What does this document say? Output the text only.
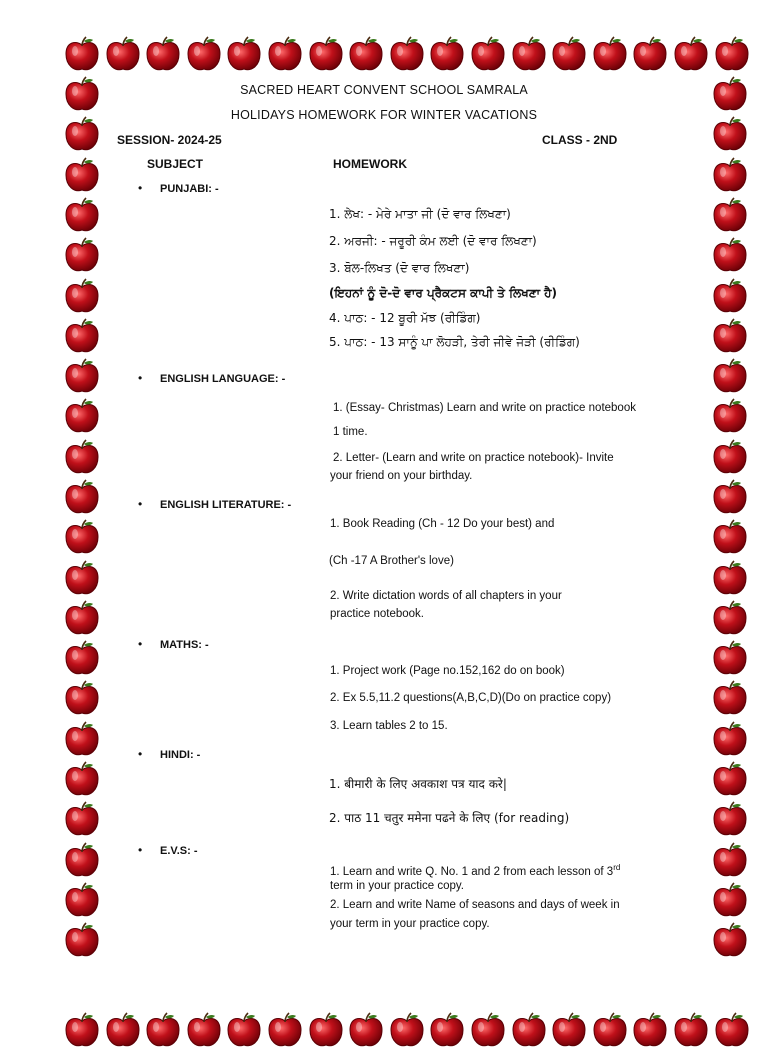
SACRED HEART CONVENT SCHOOL SAMRALA
HOLIDAYS HOMEWORK FOR WINTER VACATIONS
SESSION- 2024-25	CLASS - 2ND
SUBJECT	HOMEWORK
• PUNJABI: -
1. ਲੇਖ: - ਮੇਰੇ ਮਾਤਾ ਜੀ (ਦੋ ਵਾਰ ਲਿਖਣਾ)
2. ਅਰਜੀ: - ਜਰੂਰੀ ਕੰਮ ਲਈ (ਦੋ ਵਾਰ ਲਿਖਣਾ)
3. ਬੋਲ-ਲਿਖਤ (ਦੋ ਵਾਰ ਲਿਖਣਾ)
(ਇਹਨਾਂ ਨੂੰ ਦੋ-ਦੋ ਵਾਰ ਪ੍ਰੈਕਟਸ ਕਾਪੀ ਤੇ ਲਿਖਣਾ ਹੈ)
4. ਪਾਠ: - 12 ਬੂਰੀ ਮੱਝ (ਰੀਡਿੰਗ)
5. ਪਾਠ: - 13 ਸਾਨੂੰ ਪਾ ਲੋਹੜੀ, ਤੇਰੀ ਜੀਵੇ ਜੋੜੀ (ਰੀਡਿੰਗ)
• ENGLISH LANGUAGE: -
1. (Essay- Christmas) Learn and write on practice notebook
1 time.
2. Letter- (Learn and write on practice notebook)- Invite
your friend on your birthday.
• ENGLISH LITERATURE: -
1. Book Reading (Ch - 12 Do your best) and
(Ch -17 A Brother's love)
2. Write dictation words of all chapters in your
practice notebook.
• MATHS: -
1. Project work (Page no.152,162 do on book)
2. Ex 5.5,11.2 questions(A,B,C,D)(Do on practice copy)
3. Learn tables 2 to 15.
• HINDI: -
1. बीमारी के लिए अवकाश पत्र याद करे|
2. पाठ 11 चतुर ममेना पढने के लिए (for reading)
• E.V.S: -
1. Learn and write Q. No. 1 and 2 from each lesson of 3rd
term in your practice copy.
2. Learn and write Name of seasons and days of week in
your term in your practice copy.
